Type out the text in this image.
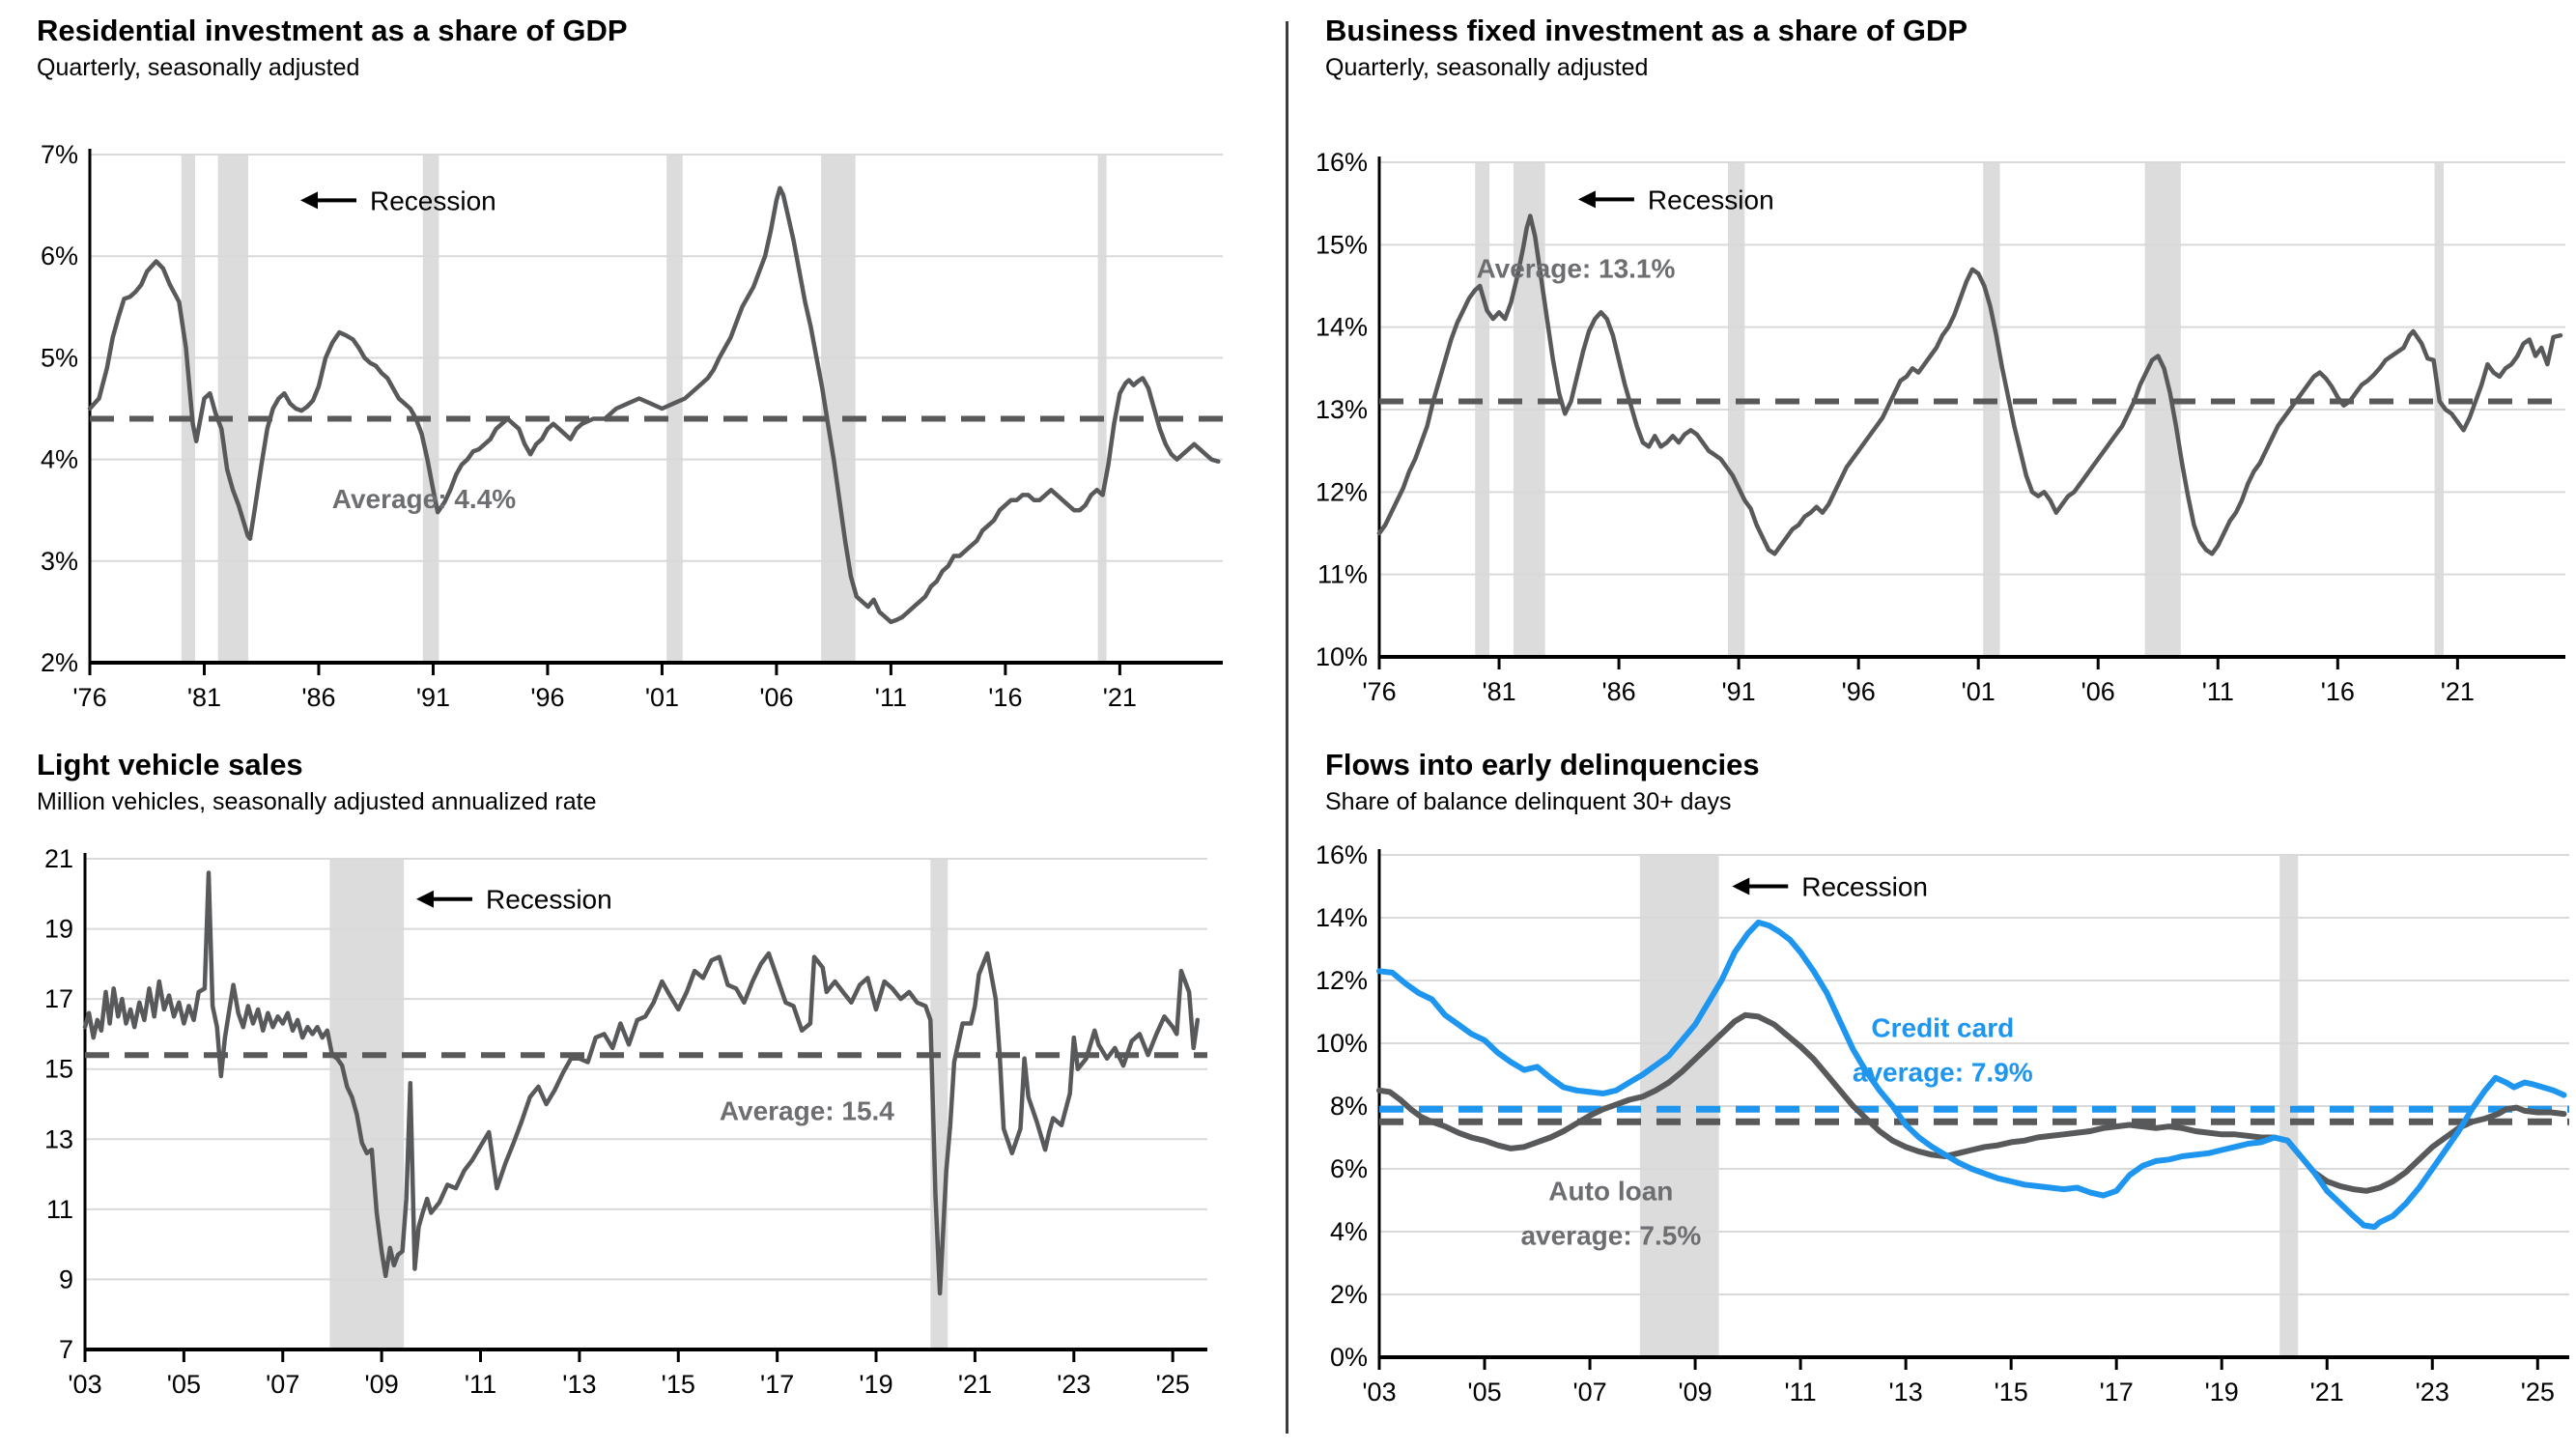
Residential investment as a share of GDP
Quarterly, seasonally adjusted
7%
6%
5%
4%
3%
2%
'76	'81	'86	'91	'96	'01	'06	'11	'16	'21
Recession
Average: 4.4%
Business fixed investment as a share of GDP
Quarterly, seasonally adjusted
16%
15%
14%
13%
12%
11%
10%
'76	'81	'86	'91	'96	'01	'06	'11	'16	'21
Recession
Average: 13.1%
Light vehicle sales
Million vehicles, seasonally adjusted annualized rate
21
19
17
15
13
11
9
7
'03 '05 '07 '09	'11	'13 '15 '17 '19 '21 '23 '25
Recession
Average: 15.4
Flows into early delinquencies
Share of balance delinquent 30+ days
16%
14%
12%
10%
8%
6%
4%
2%
0%
'03	'05	'07	'09	'11	'13	'15	'17	'19	'21	'23	'25
Recession
Credit card
average: 7.9%
Auto loan
average: 7.5%
